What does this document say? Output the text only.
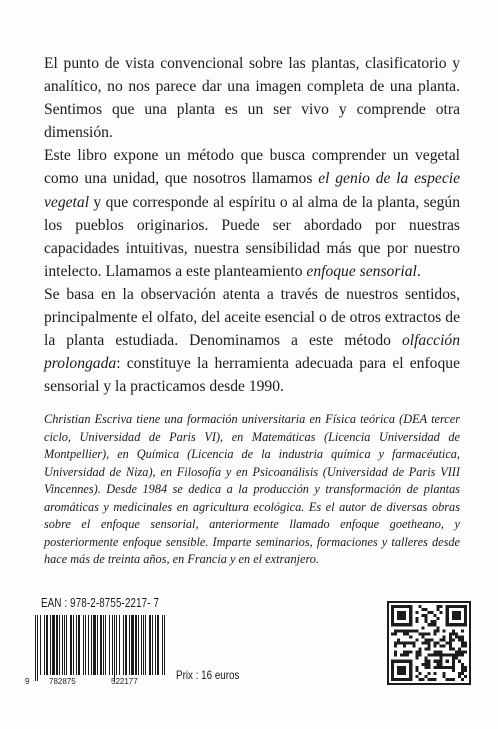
El punto de vista convencional sobre las plantas, clasificatorio y analítico, no nos parece dar una imagen completa de una planta. Sentimos que una planta es un ser vivo y comprende otra dimensión.

Este libro expone un método que busca comprender un vegetal como una unidad, que nosotros llamamos el genio de la especie vegetal y que corresponde al espíritu o al alma de la planta, según los pueblos originarios. Puede ser abordado por nuestras capacidades intuitivas, nuestra sensibilidad más que por nuestro intelecto. Llamamos a este planteamiento enfoque sensorial.

Se basa en la observación atenta a través de nuestros sentidos, principalmente el olfato, del aceite esencial o de otros extractos de la planta estudiada. Denominamos a este método olfacción prolongada: constituye la herramienta adecuada para el enfoque sensorial y la practicamos desde 1990.

Christian Escriva tiene una formación universitaria en Física teórica (DEA tercer ciclo, Universidad de Paris VI), en Matemáticas (Licencia Universidad de Montpellier), en Química (Licencia de la industria química y farmacéutica, Universidad de Niza), en Filosofía y en Psicoanálisis (Universidad de Paris VIII Vincennes). Desde 1984 se dedica a la producción y transformación de plantas aromáticas y medicinales en agricultura ecológica. Es el autor de diversas obras sobre el enfoque sensorial, anteriormente llamado enfoque goetheano, y posteriormente enfoque sensible. Imparte seminarios, formaciones y talleres desde hace más de treinta años, en Francia y en el extranjero.

EAN : 978-2-8755-2217- 7
9 782875	522177	Prix : 16 euros
